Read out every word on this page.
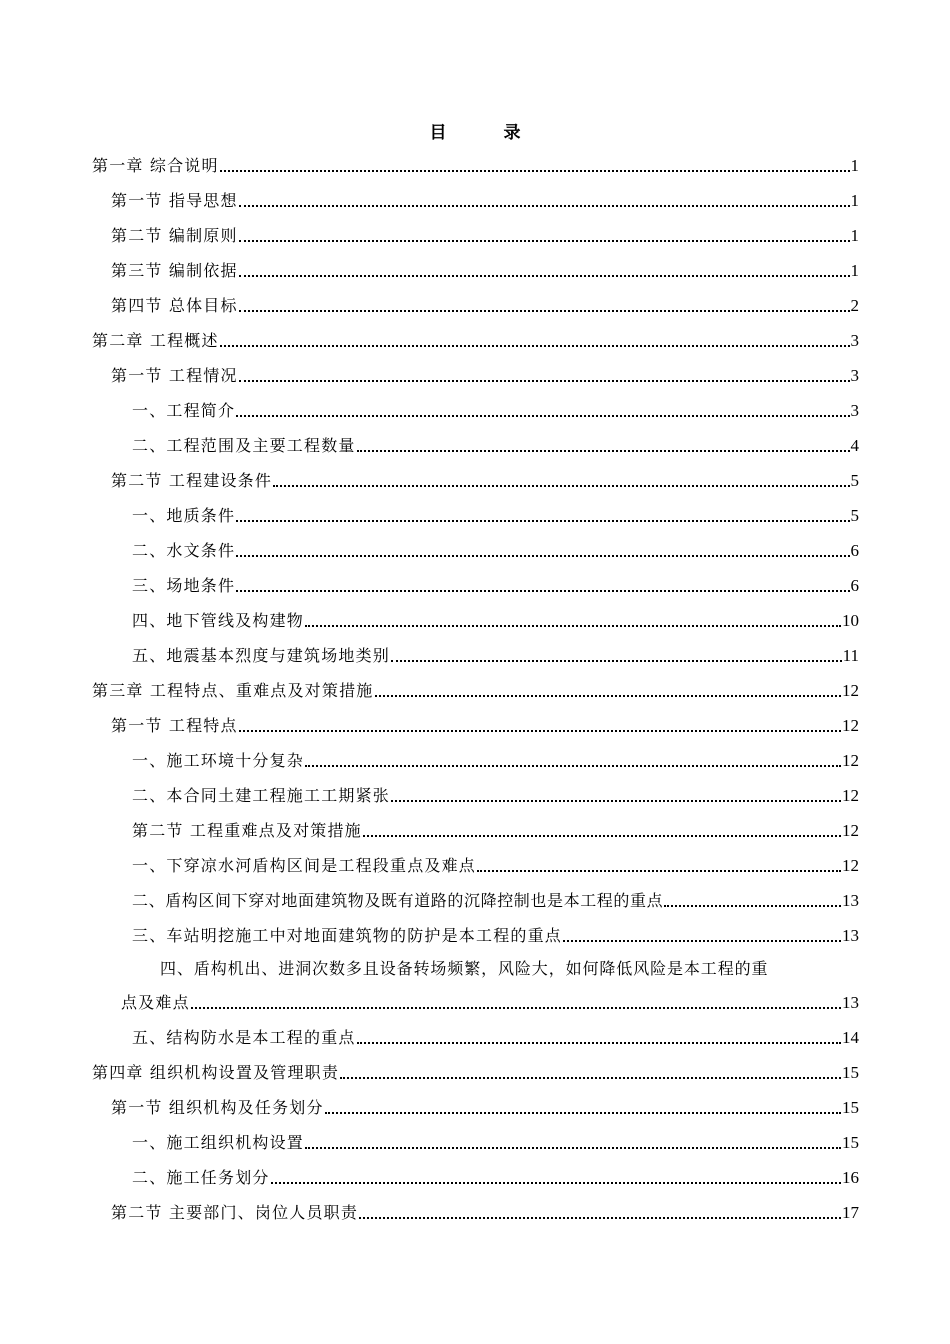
目　录
第一章 综合说明	1
第一节 指导思想	1
第二节 编制原则	1
第三节 编制依据	1
第四节 总体目标	2
第二章 工程概述	3
第一节 工程情况	3
一、工程简介	3
二、工程范围及主要工程数量	4
第二节 工程建设条件	5
一、地质条件	5
二、水文条件	6
三、场地条件	6
四、地下管线及构建物	10
五、地震基本烈度与建筑场地类别	11
第三章 工程特点、重难点及对策措施	12
第一节 工程特点	12
一、施工环境十分复杂	12
二、本合同土建工程施工工期紧张	12
第二节 工程重难点及对策措施	12
一、下穿凉水河盾构区间是工程段重点及难点	12
二、盾构区间下穿对地面建筑物及既有道路的沉降控制也是本工程的重点	13
三、车站明挖施工中对地面建筑物的防护是本工程的重点	13
四、盾构机出、进洞次数多且设备转场频繁，风险大，如何降低风险是本工程的重
点及难点	13
五、结构防水是本工程的重点	14
第四章 组织机构设置及管理职责	15
第一节 组织机构及任务划分	15
一、施工组织机构设置	15
二、施工任务划分	16
第二节 主要部门、岗位人员职责	17
